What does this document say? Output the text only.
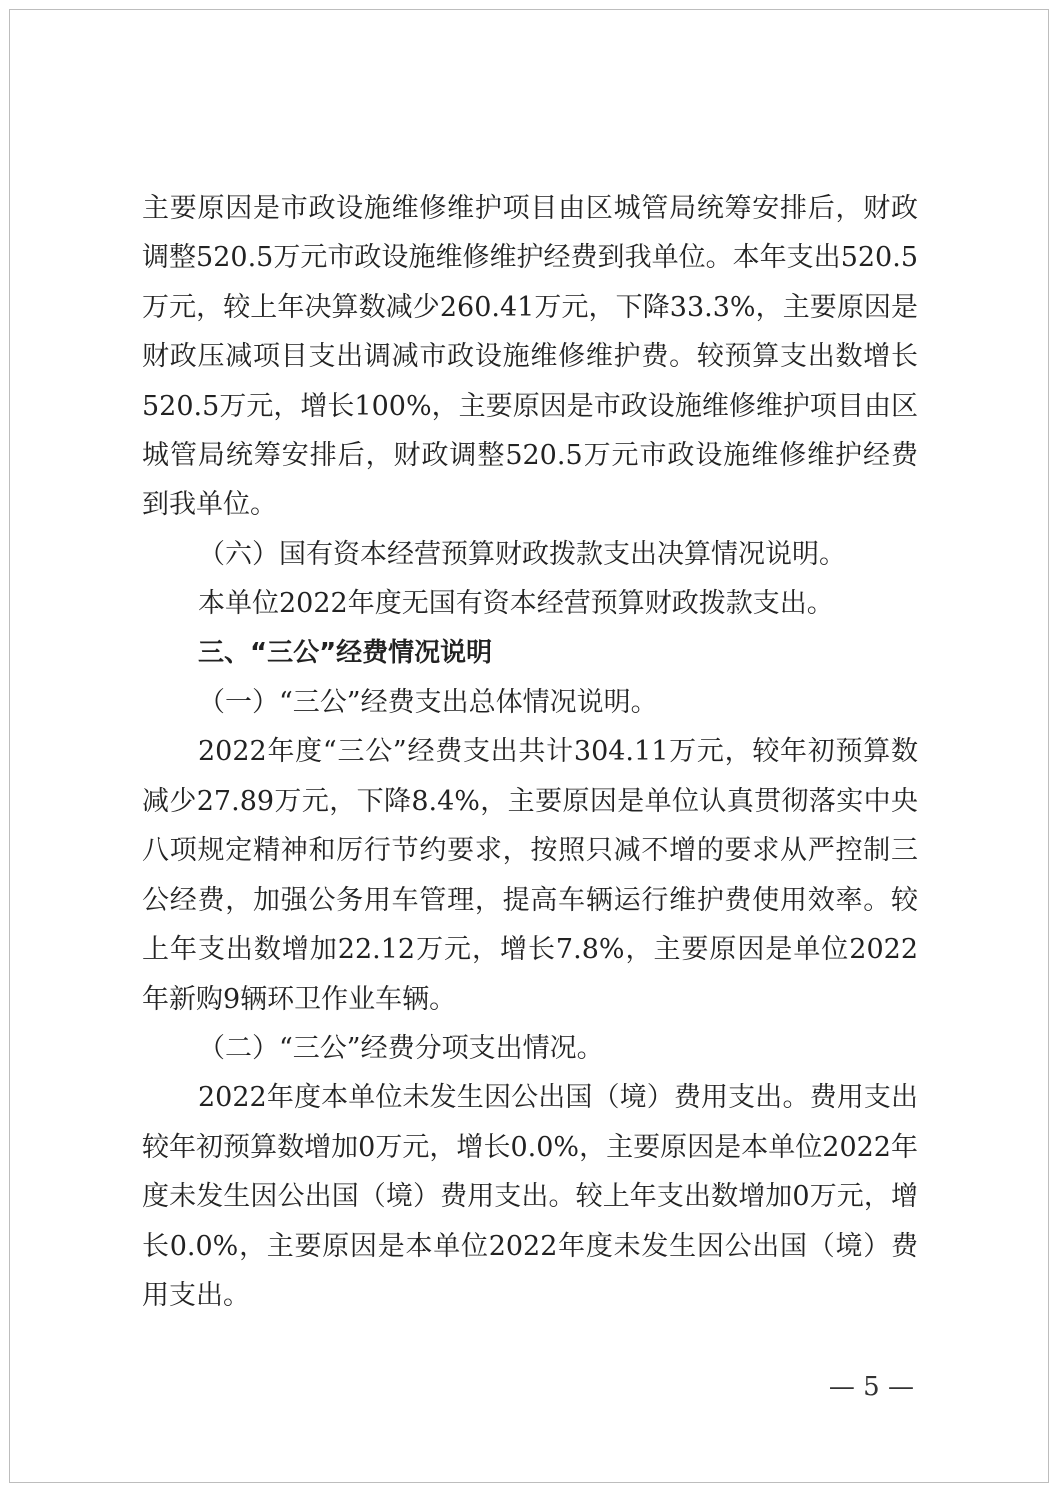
主要原因是市政设施维修维护项目由区城管局统筹安排后，财政调整520.5万元市政设施维修维护经费到我单位。本年支出520.5万元，较上年决算数减少260.41万元，下降33.3%，主要原因是财政压减项目支出调减市政设施维修维护费。较预算支出数增长520.5万元，增长100%，主要原因是市政设施维修维护项目由区城管局统筹安排后，财政调整520.5万元市政设施维修维护经费到我单位。

（六）国有资本经营预算财政拨款支出决算情况说明。

本单位2022年度无国有资本经营预算财政拨款支出。

三、“三公”经费情况说明

（一）“三公”经费支出总体情况说明。

2022年度“三公”经费支出共计304.11万元，较年初预算数减少27.89万元，下降8.4%，主要原因是单位认真贯彻落实中央八项规定精神和厉行节约要求，按照只减不增的要求从严控制三公经费，加强公务用车管理，提高车辆运行维护费使用效率。较上年支出数增加22.12万元，增长7.8%，主要原因是单位2022年新购9辆环卫作业车辆。

（二）“三公”经费分项支出情况。

2022年度本单位未发生因公出国（境）费用支出。费用支出较年初预算数增加0万元，增长0.0%，主要原因是本单位2022年度未发生因公出国（境）费用支出。较上年支出数增加0万元，增长0.0%，主要原因是本单位2022年度未发生因公出国（境）费用支出。

— 5 —
